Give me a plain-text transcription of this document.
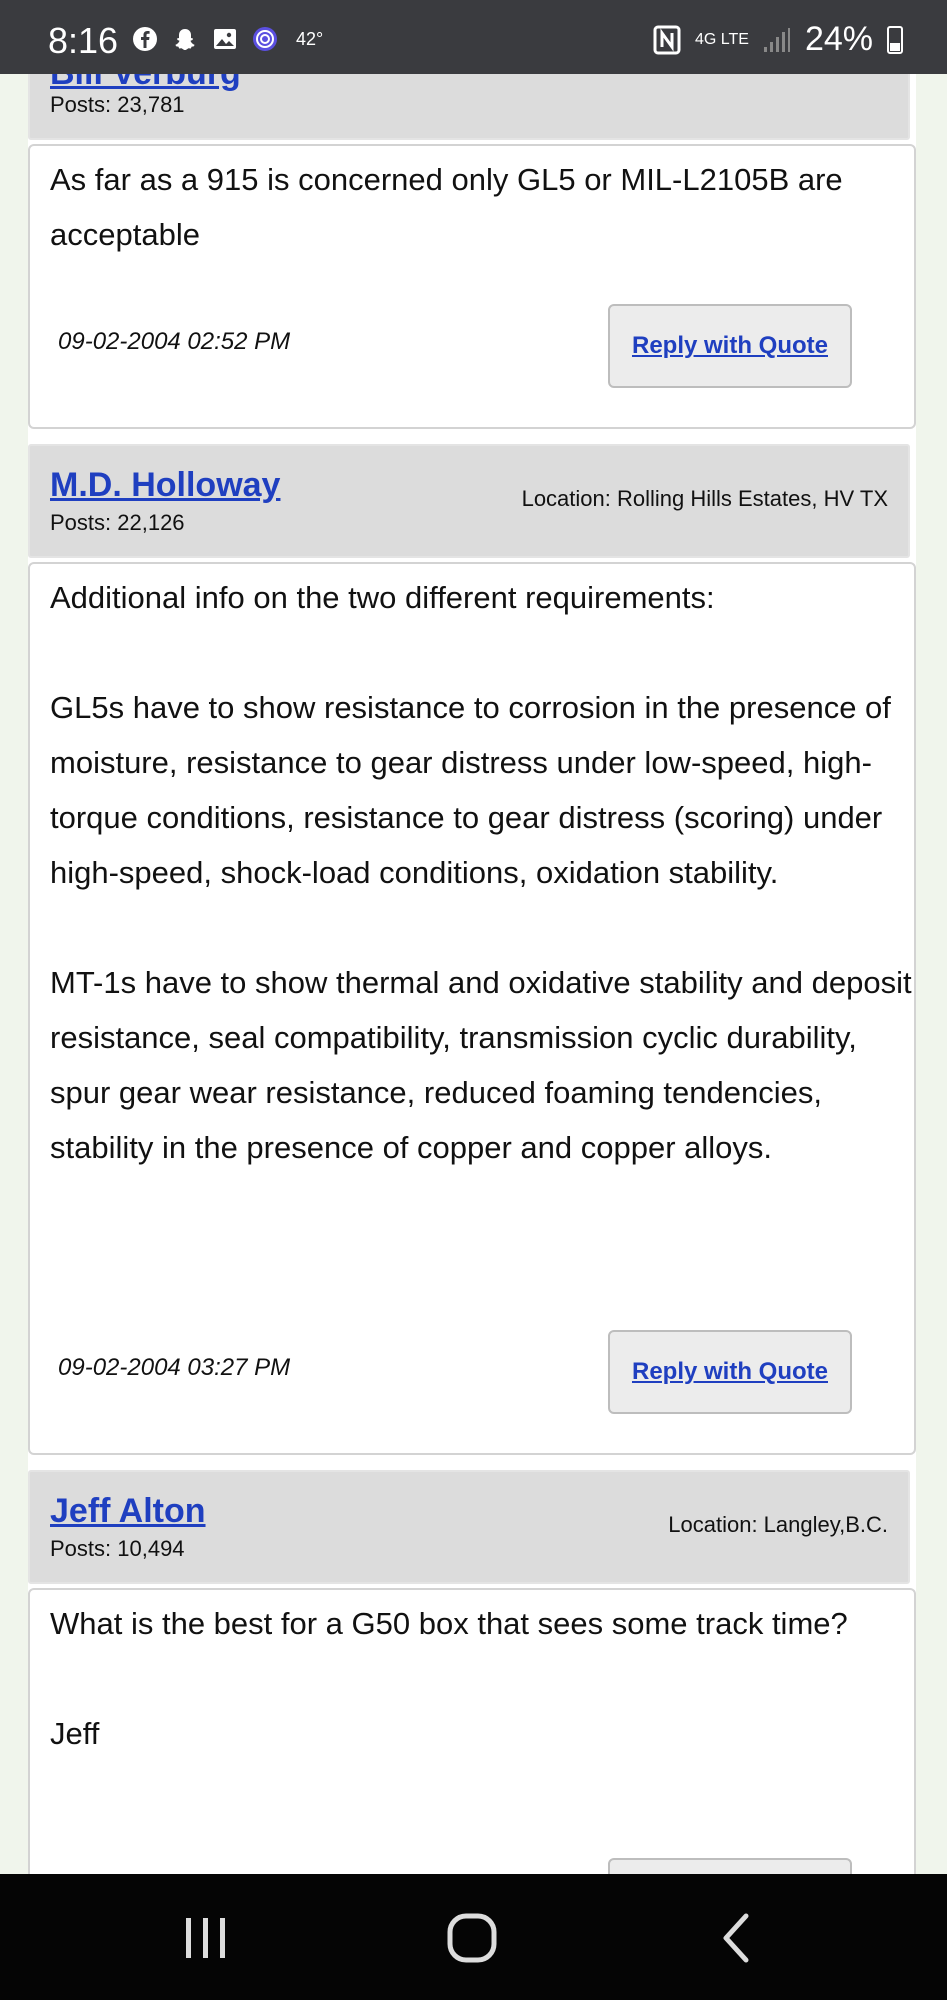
8:16	42°	4G LTE 24%
Posts: 23,781
As far as a 915 is concerned only GL5 or MIL-L2105B are acceptable
09-02-2004 02:52 PM	Reply with Quote
M.D. Holloway
Posts: 22,126
Location: Rolling Hills Estates, HV TX
Additional info on the two different requirements:

GL5s have to show resistance to corrosion in the presence of moisture, resistance to gear distress under low-speed, high-torque conditions, resistance to gear distress (scoring) under high-speed, shock-load conditions, oxidation stability.

MT-1s have to show thermal and oxidative stability and deposit resistance, seal compatibility, transmission cyclic durability, spur gear wear resistance, reduced foaming tendencies, stability in the presence of copper and copper alloys.
09-02-2004 03:27 PM	Reply with Quote
Jeff Alton
Posts: 10,494
Location: Langley,B.C.
What is the best for a G50 box that sees some track time?

Jeff
